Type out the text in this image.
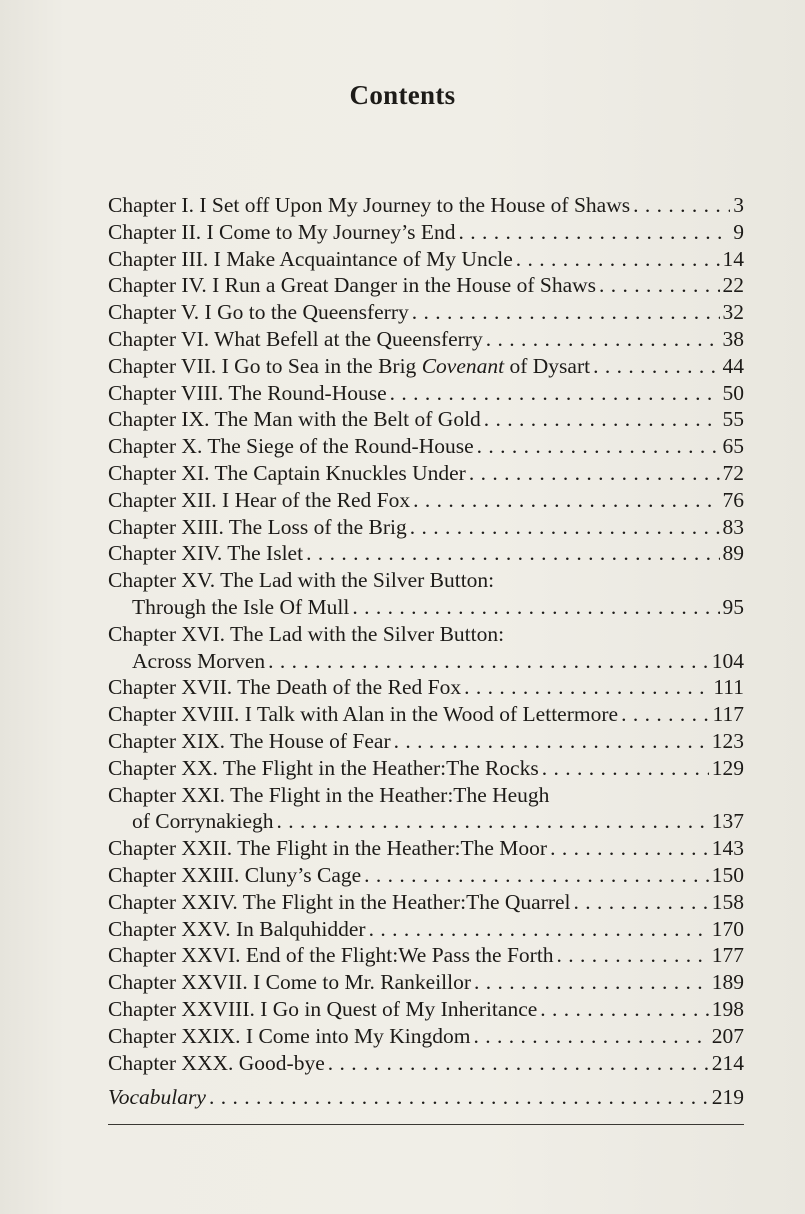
Contents
Chapter I. I Set off Upon My Journey to the House of Shaws . . .	3
Chapter II. I Come to My Journey’s End . . .	9
Chapter III. I Make Acquaintance of My Uncle . . .	14
Chapter IV. I Run a Great Danger in the House of Shaws . . .	22
Chapter V. I Go to the Queensferry . . .	32
Chapter VI. What Befell at the Queensferry . . .	38
Chapter VII. I Go to Sea in the Brig Covenant of Dysart . . .	44
Chapter VIII. The Round-House . . .	50
Chapter IX. The Man with the Belt of Gold . . .	55
Chapter X. The Siege of the Round-House . . .	65
Chapter XI. The Captain Knuckles Under . . .	72
Chapter XII. I Hear of the Red Fox . . .	76
Chapter XIII. The Loss of the Brig . . .	83
Chapter XIV. The Islet . . .	89
Chapter XV. The Lad with the Silver Button:
Through the Isle Of Mull . . .	95
Chapter XVI. The Lad with the Silver Button:
Across Morven . . .	104
Chapter XVII. The Death of the Red Fox . . .	111
Chapter XVIII. I Talk with Alan in the Wood of Lettermore . . .	117
Chapter XIX. The House of Fear . . .	123
Chapter XX. The Flight in the Heather:The Rocks . . .	129
Chapter XXI. The Flight in the Heather:The Heugh
of Corrynakiegh . . .	137
Chapter XXII. The Flight in the Heather:The Moor . . .	143
Chapter XXIII. Cluny’s Cage . . .	150
Chapter XXIV. The Flight in the Heather:The Quarrel . . .	158
Chapter XXV. In Balquhidder . . .	170
Chapter XXVI. End of the Flight:We Pass the Forth . . .	177
Chapter XXVII. I Come to Mr. Rankeillor . . .	189
Chapter XXVIII. I Go in Quest of My Inheritance . . .	198
Chapter XXIX. I Come into My Kingdom . . .	207
Chapter XXX. Good-bye . . .	214
Vocabulary . . .	219
